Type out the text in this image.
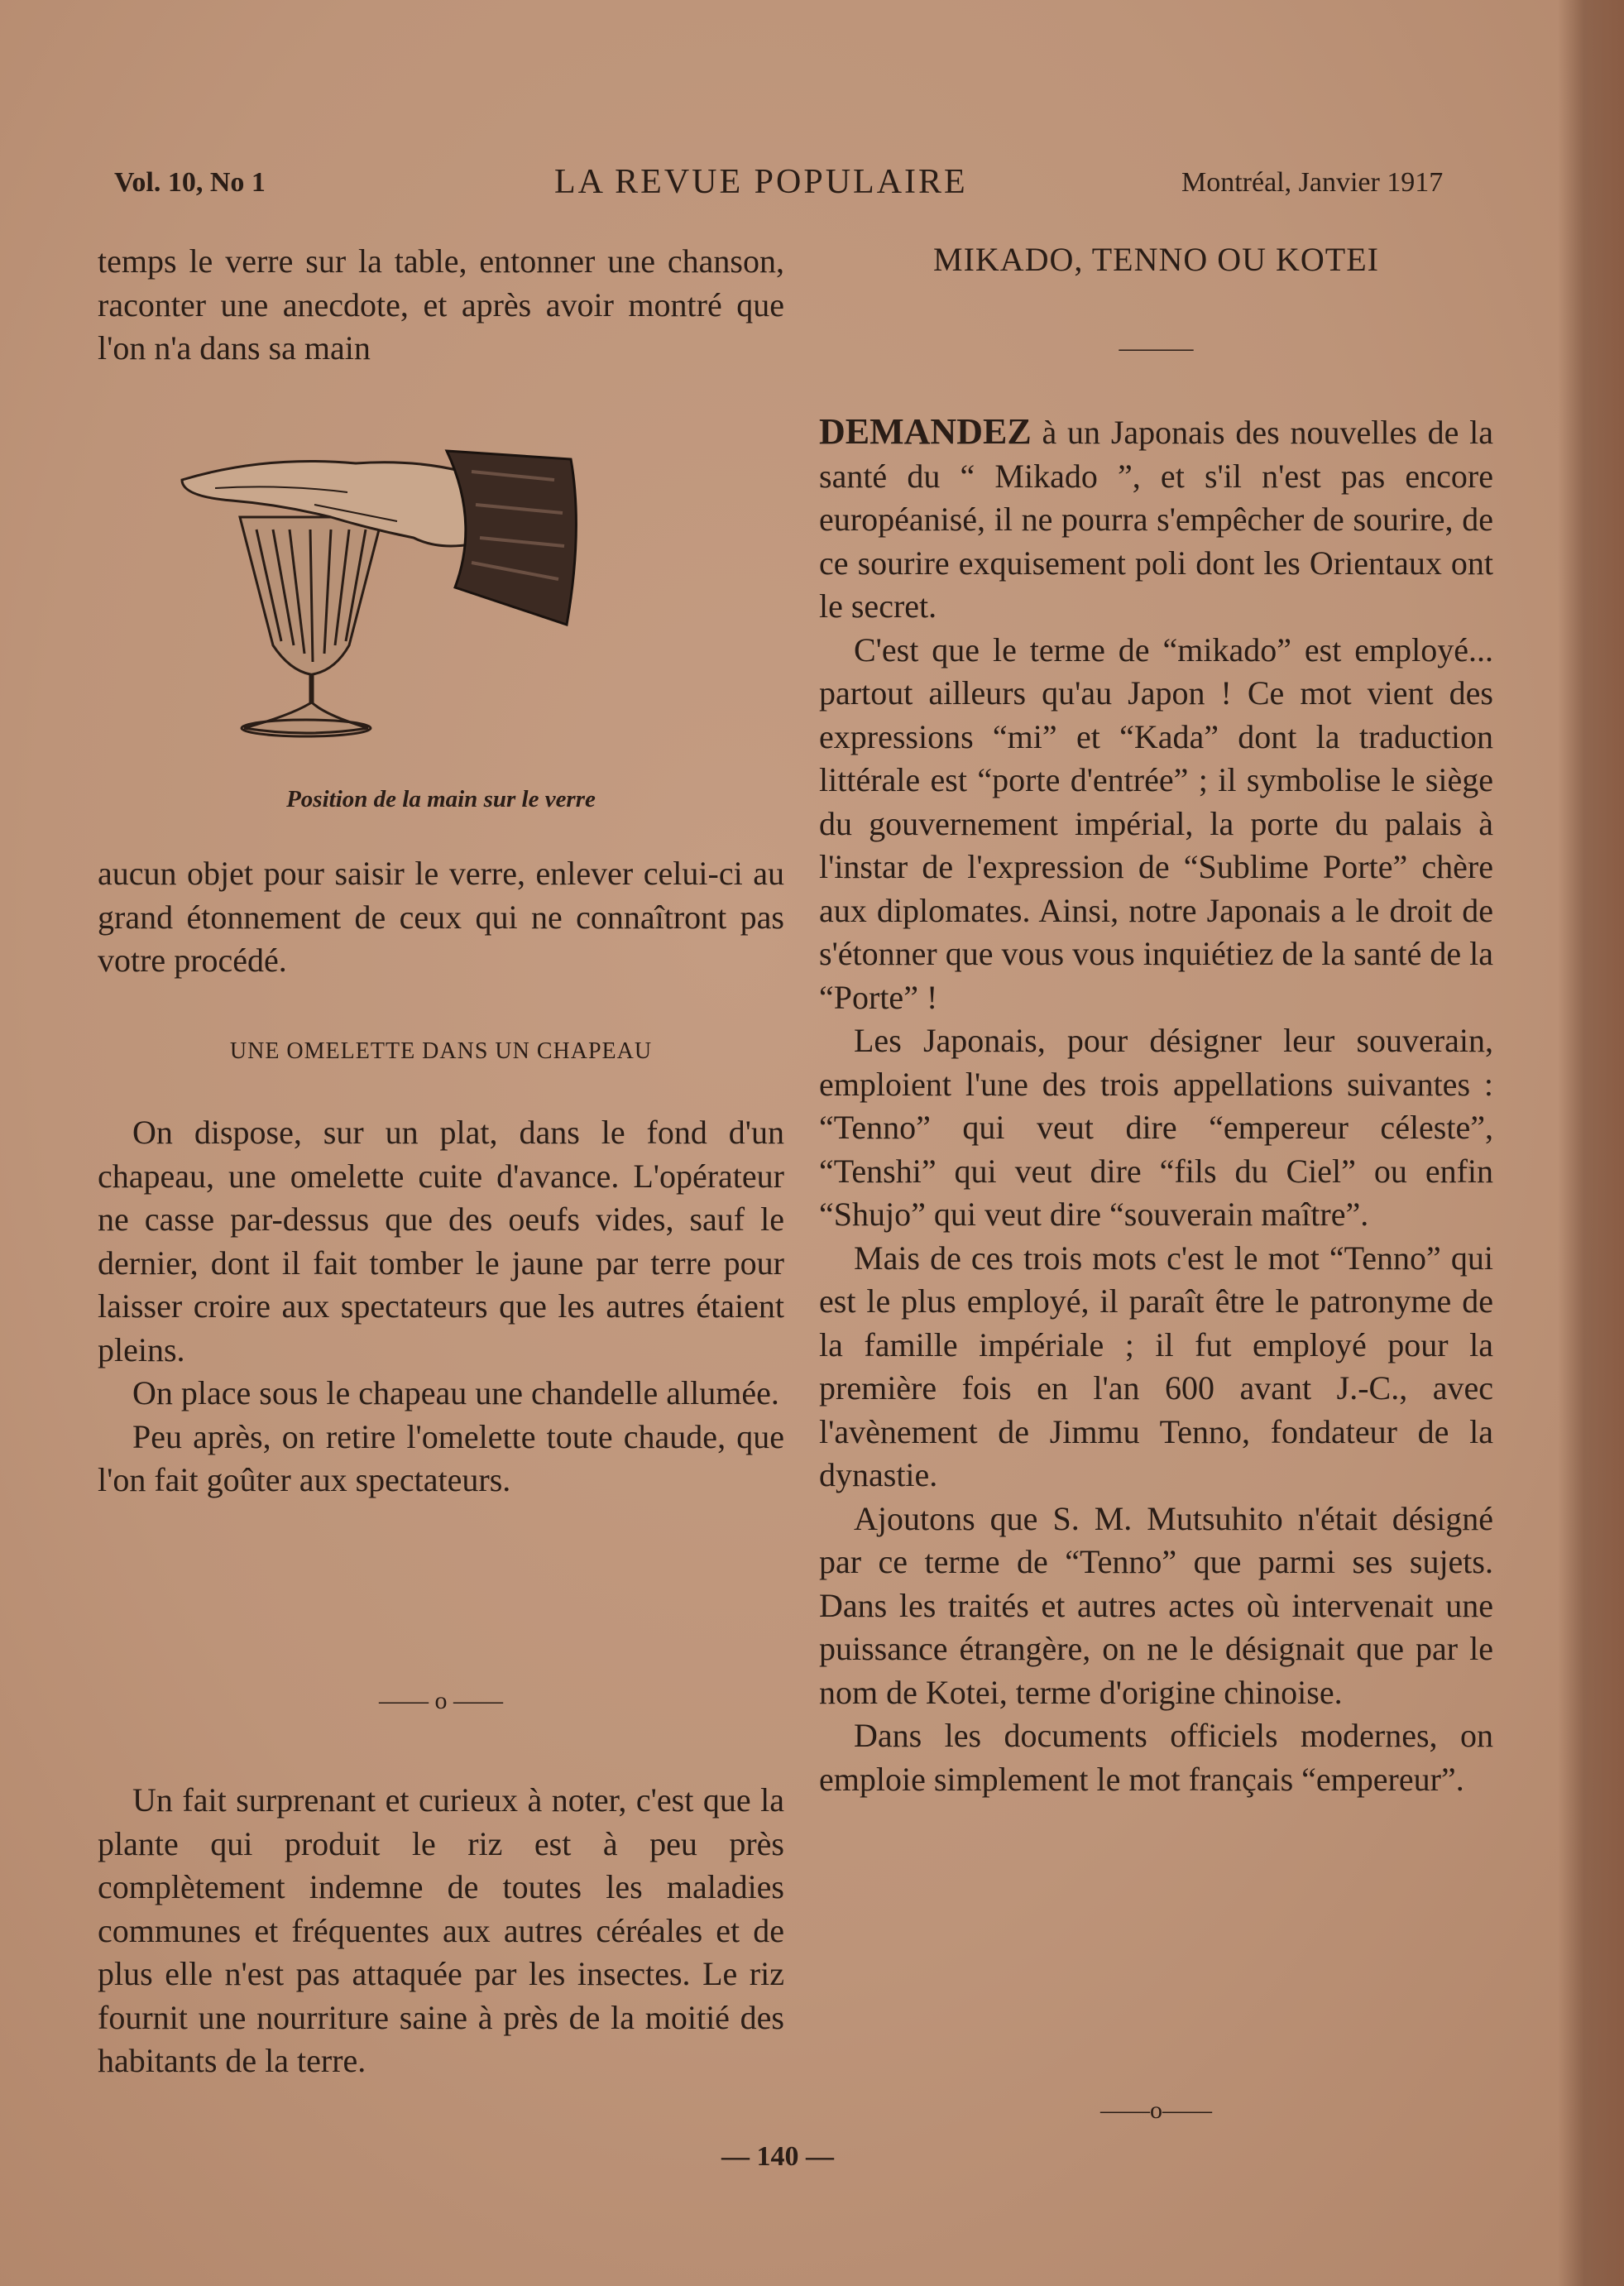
Vol. 10, No 1	LA REVUE POPULAIRE	Montréal, Janvier 1917

temps le verre sur la table, entonner une chanson, raconter une anecdote, et après avoir montré que l'on n'a dans sa main

Position de la main sur le verre

aucun objet pour saisir le verre, enlever celui-ci au grand étonnement de ceux qui ne connaîtront pas votre procédé.

UNE OMELETTE DANS UN CHAPEAU

On dispose, sur un plat, dans le fond d'un chapeau, une omelette cuite d'avance. L'opérateur ne casse par-dessus que des oeufs vides, sauf le dernier, dont il fait tomber le jaune par terre pour laisser croire aux spectateurs que les autres étaient pleins.

On place sous le chapeau une chandelle allumée.

Peu après, on retire l'omelette toute chaude, que l'on fait goûter aux spectateurs.

—— o ——

Un fait surprenant et curieux à noter, c'est que la plante qui produit le riz est à peu près complètement indemne de toutes les maladies communes et fréquentes aux autres céréales et de plus elle n'est pas attaquée par les insectes. Le riz fournit une nourriture saine à près de la moitié des habitants de la terre.

MIKADO, TENNO OU KOTEI

———

DEMANDEZ à un Japonais des nouvelles de la santé du “ Mikado ”, et s'il n'est pas encore européanisé, il ne pourra s'empêcher de sourire, de ce sourire exquisement poli dont les Orientaux ont le secret.

C'est que le terme de “mikado” est employé... partout ailleurs qu'au Japon ! Ce mot vient des expressions “mi” et “Kada” dont la traduction littérale est “porte d'entrée” ; il symbolise le siège du gouvernement impérial, la porte du palais à l'instar de l'expression de “Sublime Porte” chère aux diplomates. Ainsi, notre Japonais a le droit de s'étonner que vous vous inquiétiez de la santé de la “Porte” !

Les Japonais, pour désigner leur souverain, emploient l'une des trois appellations suivantes : “Tenno” qui veut dire “empereur céleste”, “Tenshi” qui veut dire “fils du Ciel” ou enfin “Shujo” qui veut dire “souverain maître”.

Mais de ces trois mots c'est le mot “Tenno” qui est le plus employé, il paraît être le patronyme de la famille impériale ; il fut employé pour la première fois en l'an 600 avant J.-C., avec l'avènement de Jimmu Tenno, fondateur de la dynastie.

Ajoutons que S. M. Mutsuhito n'était désigné par ce terme de “Tenno” que parmi ses sujets. Dans les traités et autres actes où intervenait une puissance étrangère, on ne le désignait que par le nom de Kotei, terme d'origine chinoise.

Dans les documents officiels modernes, on emploie simplement le mot français “empereur”.

——o——

— 140 —
